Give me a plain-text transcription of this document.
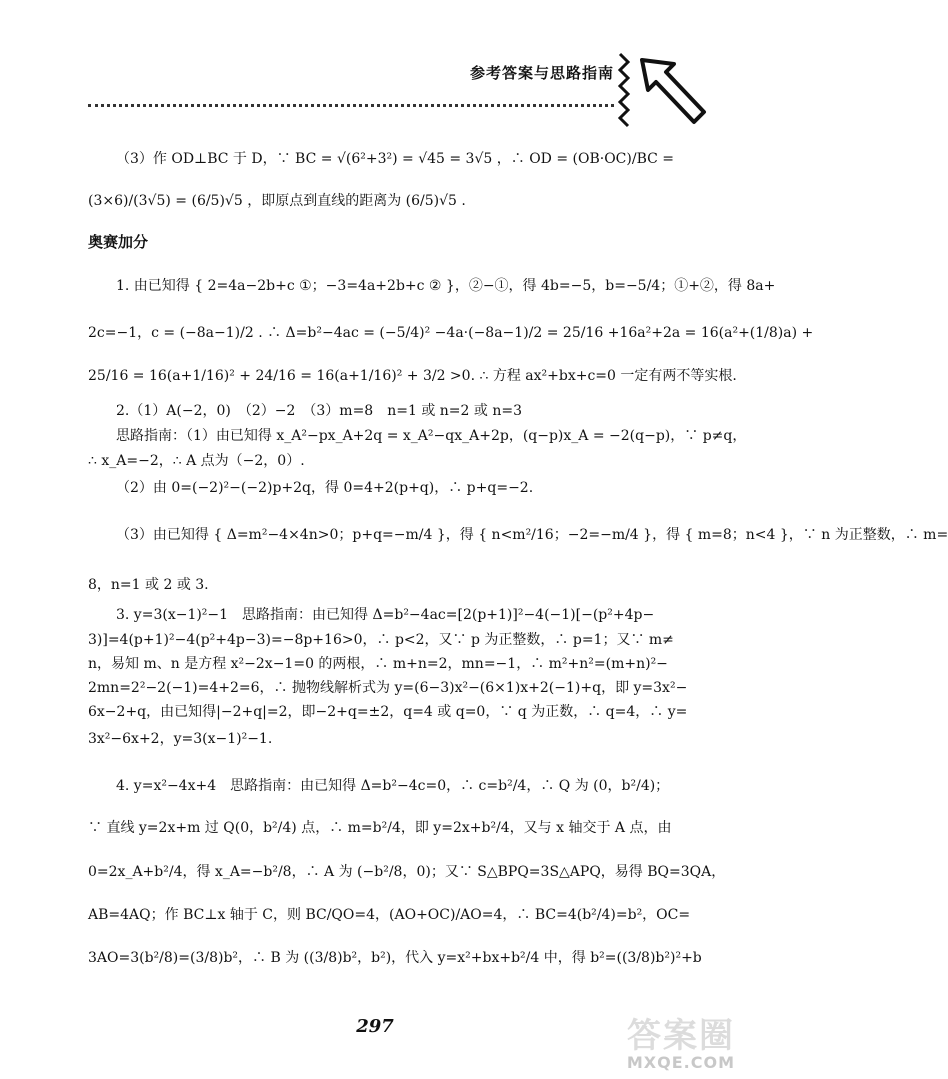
参考答案与思路指南

（3）作 OD⊥BC 于 D，∵ BC = √(6²+3²) = √45 = 3√5 ，∴ OD = (OB·OC)/BC =

(3×6)/(3√5) = (6/5)√5 ，即原点到直线的距离为 (6/5)√5 .

奥赛加分

1. 由已知得 { 2=4a−2b+c ①；−3=4a+2b+c ② }，②−①，得 4b=−5，b=−5/4；①+②，得 8a+

2c=−1，c = (−8a−1)/2 . ∴ Δ=b²−4ac = (−5/4)² −4a·(−8a−1)/2 = 25/16 +16a²+2a = 16(a²+(1/8)a) +

25/16 = 16(a+1/16)² + 24/16 = 16(a+1/16)² + 3/2 >0. ∴ 方程 ax²+bx+c=0 一定有两不等实根.

2.（1）A(−2，0)　（2）−2　（3）m=8　n=1 或 n=2 或 n=3

思路指南：（1）由已知得 x_A²−px_A+2q = x_A²−qx_A+2p，(q−p)x_A = −2(q−p)，∵ p≠q，

∴ x_A=−2，∴ A 点为（−2，0）.

（2）由 0=(−2)²−(−2)p+2q，得 0=4+2(p+q)，∴ p+q=−2.

（3）由已知得 { Δ=m²−4×4n>0；p+q=−m/4 }，得 { n<m²/16；−2=−m/4 }，得 { m=8；n<4 }，∵ n 为正整数，∴ m=

8，n=1 或 2 或 3.

3. y=3(x−1)²−1　思路指南：由已知得 Δ=b²−4ac=[2(p+1)]²−4(−1)[−(p²+4p−

3)]=4(p+1)²−4(p²+4p−3)=−8p+16>0，∴ p<2，又∵ p 为正整数，∴ p=1；又∵ m≠

n，易知 m、n 是方程 x²−2x−1=0 的两根，∴ m+n=2，mn=−1，∴ m²+n²=(m+n)²−

2mn=2²−2(−1)=4+2=6，∴ 抛物线解析式为 y=(6−3)x²−(6×1)x+2(−1)+q，即 y=3x²−

6x−2+q，由已知得|−2+q|=2，即−2+q=±2，q=4 或 q=0，∵ q 为正数，∴ q=4，∴ y=

3x²−6x+2，y=3(x−1)²−1.

4. y=x²−4x+4　思路指南：由已知得 Δ=b²−4c=0，∴ c=b²/4，∴ Q 为 (0，b²/4)；

∵ 直线 y=2x+m 过 Q(0，b²/4) 点，∴ m=b²/4，即 y=2x+b²/4，又与 x 轴交于 A 点，由

0=2x_A+b²/4，得 x_A=−b²/8，∴ A 为 (−b²/8，0)；又∵ S△BPQ=3S△APQ，易得 BQ=3QA，

AB=4AQ；作 BC⊥x 轴于 C，则 BC/QO=4，(AO+OC)/AO=4，∴ BC=4(b²/4)=b²，OC=

3AO=3(b²/8)=(3/8)b²，∴ B 为 ((3/8)b²，b²)，代入 y=x²+bx+b²/4 中，得 b²=((3/8)b²)²+b

297	答案圈
MXQE.COM
